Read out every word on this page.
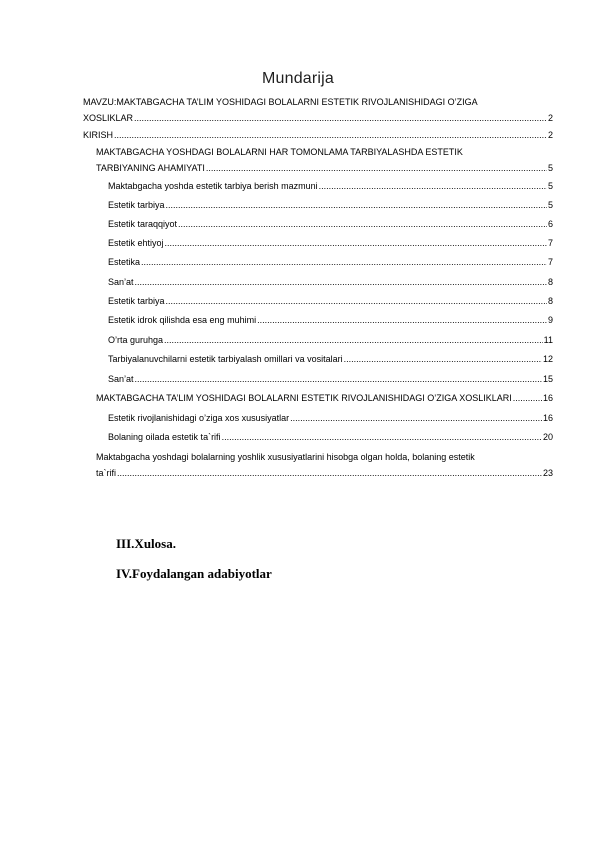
Mundarija
MAVZU:MAKTABGACHA TA’LIM YOSHIDAGI BOLALARNI ESTETIK RIVOJLANISHIDAGI O’ZIGA
XOSLIKLAR .....	2
KIRISH .....	2
MAKTABGACHA YOSHDAGI BOLALARNI HAR TOMONLAMA TARBIYALASHDA ESTETIK
TARBIYANING AHAMIYATI .....	5
Maktabgacha yoshda estetik tarbiya berish mazmuni .....	5
Estetik tarbiya .....	5
Estetik taraqqiyot .....	6
Estetik ehtiyoj .....	7
Estetika .....	7
San’at .....	8
Estetik tarbiya .....	8
Estetik idrok qilishda esa eng muhimi .....	9
O’rta guruhga .....	11
Tarbiyalanuvchilarni estetik tarbiyalash omillari va vositalari .....	12
San’at .....	15
MAKTABGACHA TA’LIM YOSHIDAGI BOLALARNI ESTETIK RIVOJLANISHIDAGI O’ZIGA XOSLIKLARI .....	16
Estetik rivojlanishidagi o’ziga xos xususiyatlar .....	16
Bolaning oilada estetik ta`rifi .....	20
Maktabgacha yoshdagi bolalarning yoshlik xususiyatlarini hisobga olgan holda, bolaning estetik
ta`rifi .....	23
III.Xulosa.
IV.Foydalangan adabiyotlar
